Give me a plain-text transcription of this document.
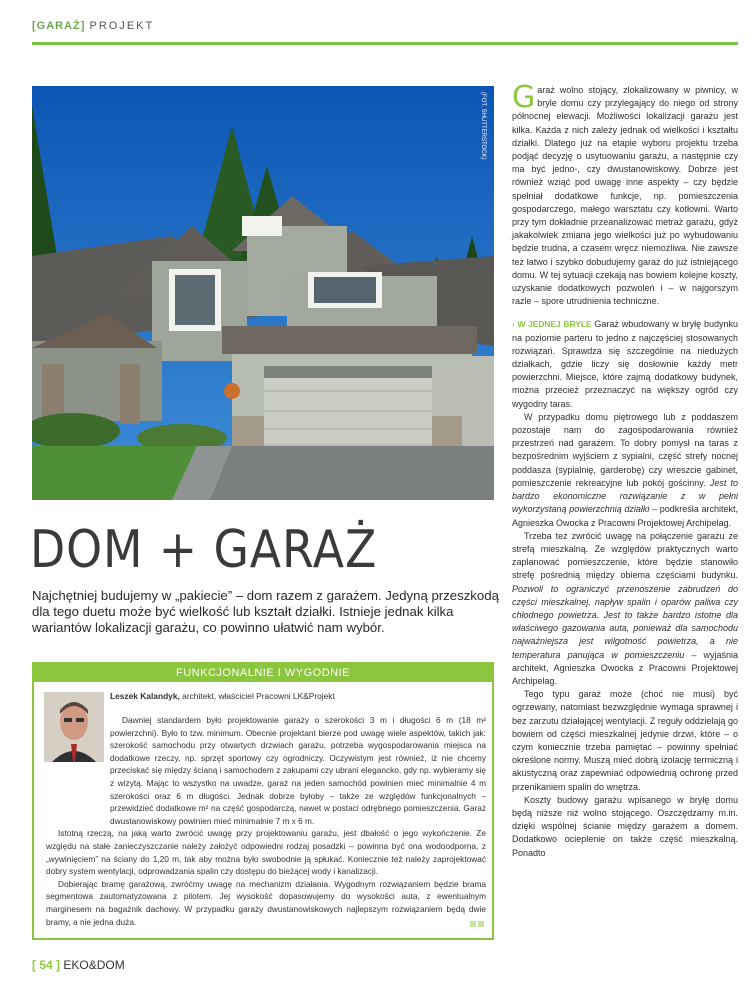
[GARAŻ] PROJEKT
(FOT. SHUTTERSTOCK)
DOM + GARAŻ

Najchętniej budujemy w „pakiecie” – dom razem z garażem. Jedyną przeszkodą dla tego duetu może być wielkość lub kształt działki. Istnieje jednak kilka wariantów lokalizacji garażu, co powinno ułatwić nam wybór.

FUNKCJONALNIE I WYGODNIE
Leszek Kalandyk, architekt, właściciel Pracowni LK&Projekt

Dawniej standardem było projektowanie garaży o szerokości 3 m i długości 6 m (18 m² powierzchni). Było to tzw. minimum. Obecnie projektant bierze pod uwagę wiele aspektów, takich jak: szerokość samochodu przy otwartych drzwiach garażu, potrzeba wygospodarowania miejsca na dodatkowe rzeczy, np. sprzęt sportowy czy ogrodniczy. Oczywistym jest również, iż nie chcemy przeciskać się między ścianą i samochodem z zakupami czy ubrani elegancko, gdy np. wybieramy się z wizytą. Mając to wszystko na uwadze, garaż na jeden samochód powinien mieć minimalnie 4 m szerokości oraz 6 m długości. Jednak dobrze byłoby – także ze względów funkcjonalnych – przewidzieć dodatkowe m² na część gospodarczą, nawet w postaci odrębnego pomieszczenia. Garaż dwustanowiskowy powinien mieć minimalnie 7 m x 6 m.

Istotną rzeczą, na jaką warto zwrócić uwagę przy projektowaniu garażu, jest dbałość o jego wykończenie. Ze względu na stałe zanieczyszczanie należy założyć odpowiedni rodzaj posadzki – powinna być ona wodoodporna, z „wywinięciem” na ściany do 1,20 m, tak aby można było swobodnie ją spłukać. Koniecznie też należy zaprojektować dobry system wentylacji, odprowadzania spalin czy dostępu do bieżącej wody i kanalizacji.

Dobierając bramę garażową, zwróćmy uwagę na mechanizm działania. Wygodnym rozwiązaniem będzie brama segmentowa zautomatyzowana z pilotem. Jej wysokość dopasowujemy do wysokości auta, z ewentualnym marginesem na bagażnik dachowy. W przypadku garaży dwustanowiskowych najlepszym rozwiązaniem będą dwie bramy, a nie jedna duża.

Garaż wolno stojący, zlokalizowany w piwnicy, w bryle domu czy przylegający do niego od strony północnej elewacji. Możliwości lokalizacji garażu jest kilka. Każda z nich zależy jednak od wielkości i kształtu działki. Dlatego już na etapie wyboru projektu trzeba podjąć decyzję o usytuowaniu garażu, a następnie czy ma być jedno-, czy dwustanowiskowy. Dobrze jest również wziąć pod uwagę inne aspekty – czy będzie spełniał dodatkowe funkcje, np. pomieszczenia gospodarczego, małego warsztatu czy kotłowni. Warto przy tym dokładnie przeanalizować metraż garażu, gdyż jakakolwiek zmiana jego wielkości już po wybudowaniu będzie trudna, a czasem wręcz niemożliwa. Nie zawsze też łatwo i szybko dobudujemy garaż do już istniejącego domu. W tej sytuacji czekają nas bowiem kolejne koszty, uzyskanie dodatkowych pozwoleń i – w najgorszym razie – spore utrudnienia techniczne.

› W JEDNEJ BRYLE Garaż wbudowany w bryłę budynku na poziomie parteru to jedno z najczęściej stosowanych rozwiązań. Sprawdza się szczególnie na niedużych działkach, gdzie liczy się dosłownie każdy metr powierzchni. Miejsce, które zajmą dodatkowy budynek, można przecież przeznaczyć na większy ogród czy wygodny taras.

W przypadku domu piętrowego lub z poddaszem pozostaje nam do zagospodarowania również przestrzeń nad garażem. To dobry pomysł na taras z bezpośrednim wyjściem z sypialni, część strefy nocnej poddasza (sypialnię, garderobę) czy wreszcie gabinet, pomieszczenie rekreacyjne lub pokój gościnny. Jest to bardzo ekonomiczne rozwiązanie z w pełni wykorzystaną powierzchnią działki – podkreśla architekt, Agnieszka Owocka z Pracowni Projektowej Archipelag.

Trzeba też zwrócić uwagę na połączenie garażu ze strefą mieszkalną. Ze względów praktycznych warto zaplanować pomieszczenie, które będzie stanowiło strefę pośrednią między obiema częściami budynku. Pozwoli to ograniczyć przenoszenie zabrudzeń do części mieszkalnej, napływ spalin i oparów paliwa czy chłodnego powietrza. Jest to także bardzo istotne dla właściwego gazowania auta, ponieważ dla samochodu najważniejsza jest wilgotność powietrza, a nie temperatura panująca w pomieszczeniu – wyjaśnia architekt, Agnieszka Owocka z Pracowni Projektowej Archipelag.

Tego typu garaż może (choć nie musi) być ogrzewany, natomiast bezwzględnie wymaga sprawnej i bez zarzutu działającej wentylacji. Z reguły oddzielają go bowiem od części mieszkalnej jedynie drzwi, które – o czym koniecznie trzeba pamiętać – powinny spełniać określone normy. Muszą mieć dobrą izolację termiczną i akustyczną oraz zapewniać odpowiednią ochronę przed przenikaniem spalin do wnętrza.

Koszty budowy garażu wpisanego w bryłę domu będą niższe niż wolno stojącego. Oszczędzamy m.in. dzięki wspólnej ścianie między garażem a domem. Dodatkowo ocieplenie on także część mieszkalną. Ponadto

[ 54 ] EKO&DOM
